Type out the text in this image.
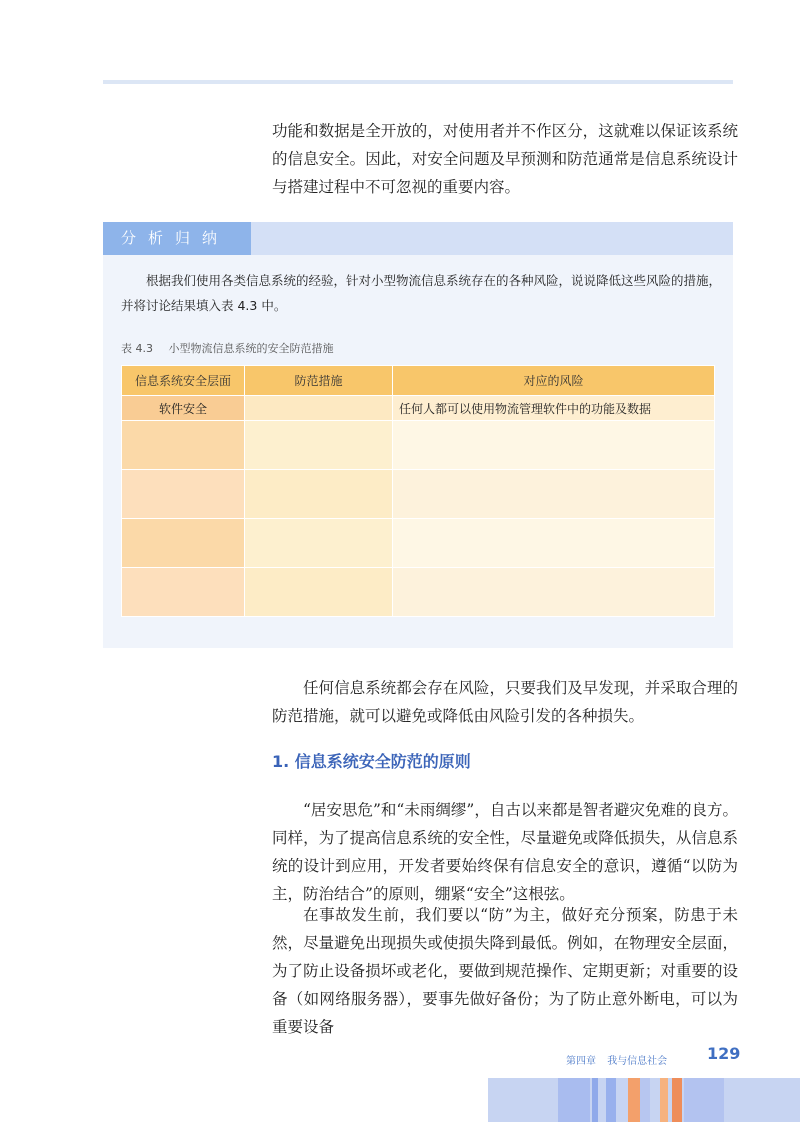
功能和数据是全开放的，对使用者并不作区分，这就难以保证该系统的信息安全。因此，对安全问题及早预测和防范通常是信息系统设计与搭建过程中不可忽视的重要内容。

分析归纳

根据我们使用各类信息系统的经验，针对小型物流信息系统存在的各种风险，说说降低这些风险的措施，并将讨论结果填入表 4.3 中。

表 4.3 小型物流信息系统的安全防范措施
信息系统安全层面	防范措施	对应的风险
软件安全		任何人都可以使用物流管理软件中的功能及数据

任何信息系统都会存在风险，只要我们及早发现，并采取合理的防范措施，就可以避免或降低由风险引发的各种损失。

1. 信息系统安全防范的原则

“居安思危”和“未雨绸缪”，自古以来都是智者避灾免难的良方。同样，为了提高信息系统的安全性，尽量避免或降低损失，从信息系统的设计到应用，开发者要始终保有信息安全的意识，遵循“以防为主，防治结合”的原则，绷紧“安全”这根弦。

在事故发生前，我们要以“防”为主，做好充分预案，防患于未然，尽量避免出现损失或使损失降到最低。例如，在物理安全层面，为了防止设备损坏或老化，要做到规范操作、定期更新；对重要的设备（如网络服务器），要事先做好备份；为了防止意外断电，可以为重要设备

第四章 我与信息社会 129
